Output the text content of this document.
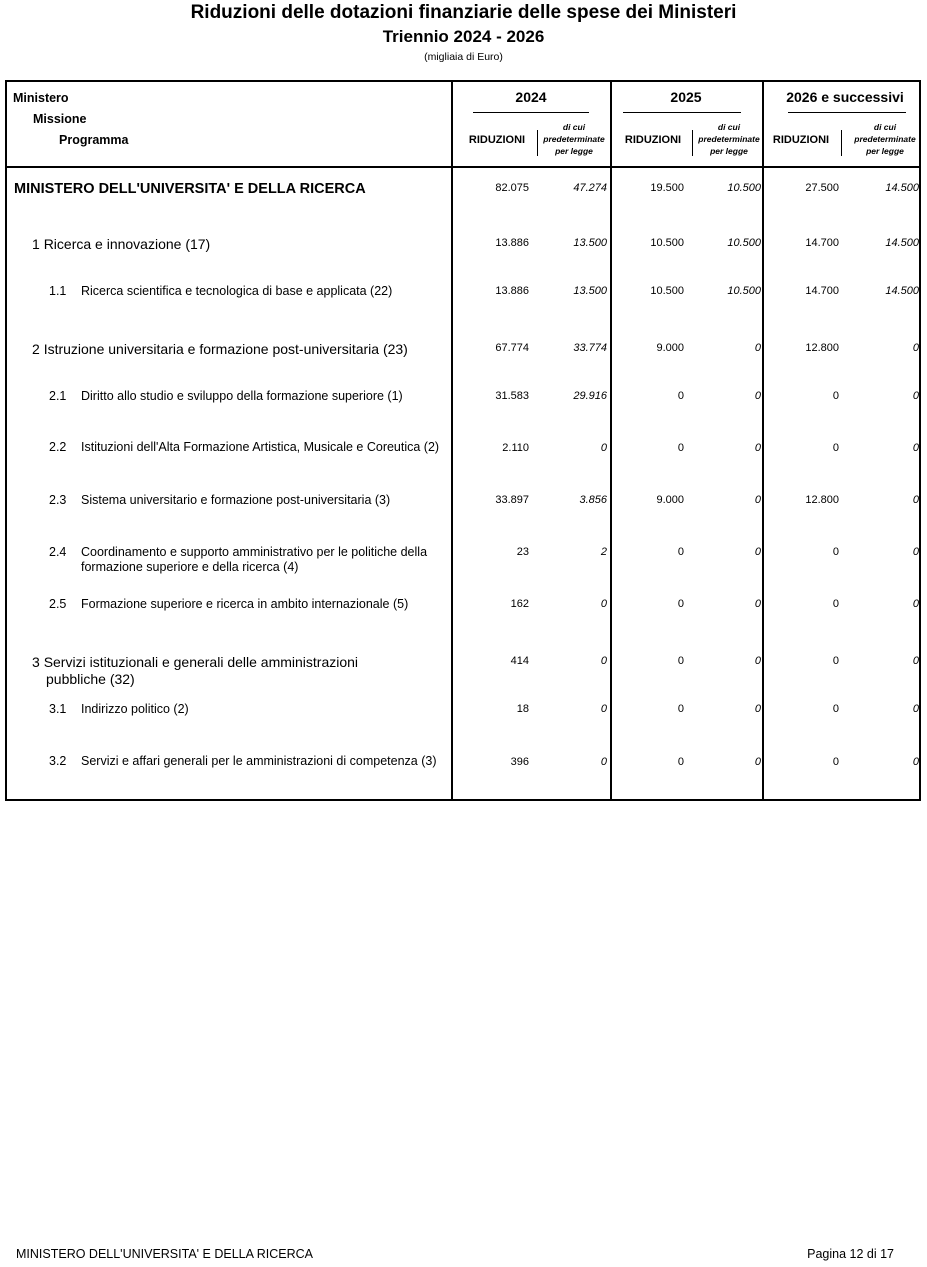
Riduzioni delle dotazioni finanziarie delle spese dei Ministeri
Triennio 2024 - 2026
(migliaia di Euro)
Ministero
Missione
Programma
2024	2025	2026 e successivi
RIDUZIONI
di cui
predeterminate
per legge
RIDUZIONI
di cui
predeterminate
per legge
RIDUZIONI
di cui
predeterminate
per legge
MINISTERO DELL'UNIVERSITA' E DELLA RICERCA	82.075	47.274	19.500	10.500	27.500	14.500
1 Ricerca e innovazione (17)	13.886	13.500	10.500	10.500	14.700	14.500
1.1 Ricerca scientifica e tecnologica di base e applicata (22)	13.886	13.500	10.500	10.500	14.700	14.500
2 Istruzione universitaria e formazione post-universitaria (23)	67.774	33.774	9.000	0	12.800	0
2.1 Diritto allo studio e sviluppo della formazione superiore (1)	31.583	29.916	0	0	0	0
2.2 Istituzioni dell'Alta Formazione Artistica, Musicale e Coreutica (2)	2.110	0	0	0	0	0
2.3 Sistema universitario e formazione post-universitaria (3)	33.897	3.856	9.000	0	12.800	0
2.4 Coordinamento e supporto amministrativo per le politiche della
formazione superiore e della ricerca (4)
23	2	0	0	0	0
2.5 Formazione superiore e ricerca in ambito internazionale (5)	162	0	0	0	0	0
3 Servizi istituzionali e generali delle amministrazioni
pubbliche (32)
414	0	0	0	0	0
3.1 Indirizzo politico (2)	18	0	0	0	0	0
3.2 Servizi e affari generali per le amministrazioni di competenza (3)	396	0	0	0	0	0
MINISTERO DELL'UNIVERSITA' E DELLA RICERCA	Pagina 12 di 17
